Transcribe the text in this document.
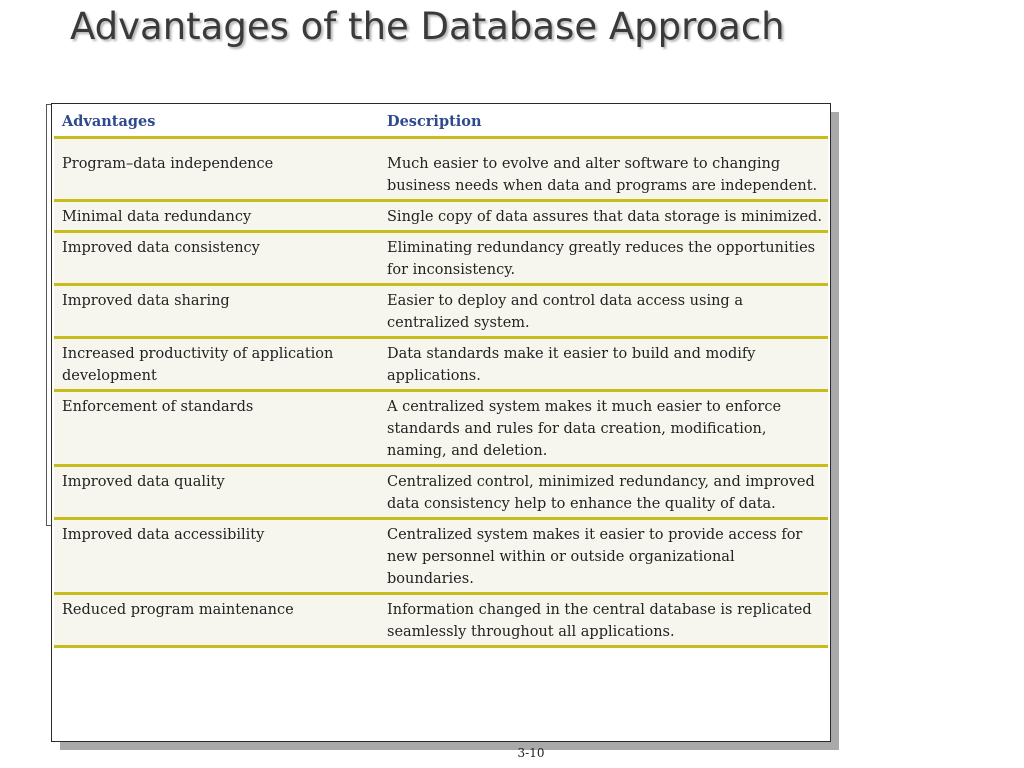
Advantages of the Database Approach
Advantages	Description
Program–data independence	Much easier to evolve and alter software to changing business needs when data and programs are independent.
Minimal data redundancy	Single copy of data assures that data storage is minimized.
Improved data consistency	Eliminating redundancy greatly reduces the opportunities for inconsistency.
Improved data sharing	Easier to deploy and control data access using a centralized system.
Increased productivity of application development	Data standards make it easier to build and modify applications.
Enforcement of standards	A centralized system makes it much easier to enforce standards and rules for data creation, modification, naming, and deletion.
Improved data quality	Centralized control, minimized redundancy, and improved data consistency help to enhance the quality of data.
Improved data accessibility	Centralized system makes it easier to provide access for new personnel within or outside organizational boundaries.
Reduced program maintenance	Information changed in the central database is replicated seamlessly throughout all applications.
3-10
